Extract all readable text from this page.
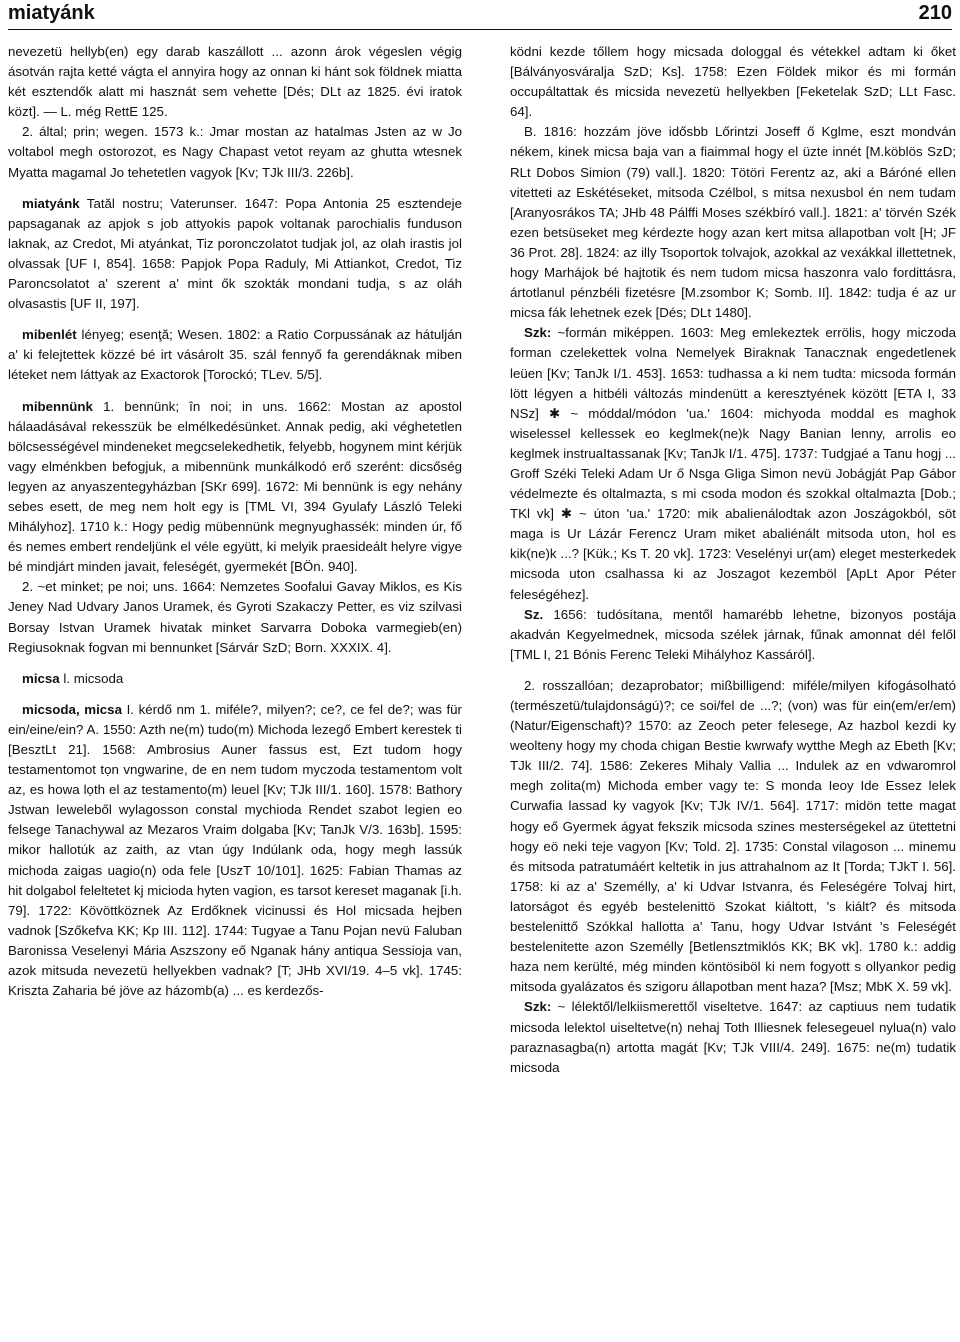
miatyánk	210

nevezetü hellyb(en) egy darab kaszállott ... azonn árok végeslen végig ásotván rajta ketté vágta el annyira hogy az onnan ki hánt sok földnek miatta két esztendők alatt mi hasznát sem vehette [Dés; DLt az 1825. évi iratok közt]. — L. még RettE 125.

2. által; prin; wegen. 1573 k.: Jmar mostan az hatalmas Jsten az w Jo voltabol megh ostorozot, es Nagy Chapast vetot reyam az ghutta wtesnek Myatta magamal Jo tehetetlen vagyok [Kv; TJk III/3. 226b].

miatyánk Tatăl nostru; Vaterunser. 1647: Popa Antonia 25 esztendeje papsaganak az apjok s job attyokis papok voltanak parochialis funduson laknak, az Credot, Mi atyánkat, Tiz poronczolatot tudjak jol, az olah irastis jol olvassak [UF I, 854]. 1658: Papjok Popa Raduly, Mi Attiankot, Credot, Tiz Paroncsolatot a' szerent a' mint ők szokták mondani tudja, s az oláh olvasastis [UF II, 197].

mibenlét lényeg; esenţă; Wesen. 1802: a Ratio Corpussának az hátulján a' ki felejtettek közzé bé irt vásárolt 35. szál fennyő fa gerendáknak miben léteket nem láttyak az Exactorok [Torockó; TLev. 5/5].

mibennünk 1. bennünk; în noi; in uns. 1662: Mostan az apostol hálaadásával rekesszük be elmélkedésünket. Annak pedig, aki véghetetlen bölcsességével mindeneket megcselekedhetik, felyebb, hogynem mint kérjük vagy elménkben befogjuk, a mibennünk munkálkodó erő szerént: dicsőség legyen az anyaszentegyházban [SKr 699]. 1672: Mi bennünk is egy nehány sebes esett, de meg nem holt egy is [TML VI, 394 Gyulafy László Teleki Mihályhoz]. 1710 k.: Hogy pedig mübennünk megnyughassék: minden úr, fő és nemes embert rendeljünk el véle együtt, ki melyik praesideált helyre vigye bé mindjárt minden javait, feleségét, gyermekét [BÖn. 940].

2. ~et minket; pe noi; uns. 1664: Nemzetes Soofalui Gavay Miklos, es Kis Jeney Nad Udvary Janos Uramek, és Gyroti Szakaczy Petter, es viz szilvasi Borsay Istvan Uramek hivatak minket Sarvarra Doboka varmegieb(en) Regiusoknak fogvan mi bennunket [Sárvár SzD; Born. XXXIX. 4].

micsa l. micsoda

micsoda, micsa I. kérdő nm 1. miféle?, milyen?; ce?, ce fel de?; was für ein/eine/ein? A. 1550: Azth ne(m) tudo(m) Michoda lezegő Embert kerestek ti [BesztLt 21]. 1568: Ambrosius Auner fassus est, Ezt tudom hogy testamentomot tọn vngwarine, de en nem tudom myczoda testamentom volt az, es howa lọth el az testamento(m) leuel [Kv; TJk III/1. 160]. 1578: Bathory Jstwan leweleből wylagosson constal mychioda Rendet szabot legien eo felsege Tanachywal az Mezaros Vraim dolgaba [Kv; TanJk V/3. 163b]. 1595: mikor hallotúk az zaith, az vtan úgy Indúlank oda, hogy megh lassúk michoda zaigas uagio(n) oda fele [UszT 10/101]. 1625: Fabian Thamas az hit dolgabol feleltetet kj micioda hyten vagion, es tarsot kereset maganak [i.h. 79]. 1722: Kövöttköznek Az Erdőknek vicinussi és Hol micsada hejben vadnok [Szőkefva KK; Kp III. 112]. 1744: Tugyae a Tanu Pojan nevü Faluban Baronissa Veselenyi Mária Aszszony eő Nganak hány antiqua Sessioja van, azok mitsuda nevezetü hellyekben vadnak? [T; JHb XVI/19. 4–5 vk]. 1745: Kriszta Zaharia bé jöve az házomb(a) ... es kerdezős-

ködni kezde tőllem hogy micsada dologgal és vétekkel adtam ki őket [Bálványosváralja SzD; Ks]. 1758: Ezen Földek mikor és mi formán occupáltattak és micsida nevezetü hellyekben [Feketelak SzD; LLt Fasc. 64].

B. 1816: hozzám jöve idősbb Lőrintzi Joseff ő Kglme, eszt mondván nékem, kinek micsa baja van a fiaimmal hogy el üzte innét [M.köblös SzD; RLt Dobos Simion (79) vall.]. 1820: Tötöri Ferentz az, aki a Báróné ellen vitetteti az Eskétéseket, mitsoda Czélbol, s mitsa nexusbol én nem tudam [Aranyosrákos TA; JHb 48 Pálffi Moses székbíró vall.]. 1821: a' törvén Szék ezen betsüseket meg kérdezte hogy azan kert mitsa allapotban volt [H; JF 36 Prot. 28]. 1824: az illy Tsoportok tolvajok, azokkal az vexákkal illettetnek, hogy Marhájok bé hajtotik és nem tudom micsa haszonra valo fordittásra, ártotlanul pénzbéli fizetésre [M.zsombor K; Somb. II]. 1842: tudja é az ur micsa fák lehetnek ezek [Dés; DLt 1480].

Szk: ~formán miképpen. 1603: Meg emlekeztek errölis, hogy miczoda forman czelekettek volna Nemelyek Biraknak Tanacznak engedetlenek leüen [Kv; TanJk I/1. 453]. 1653: tudhassa a ki nem tudta: micsoda formán lött légyen a hitbéli változás mindenütt a keresztyének között [ETA I, 33 NSz] ✱ ~ móddal/módon 'ua.' 1604: michyoda moddal es maghok wiselessel kellessek eo keglmek(ne)k Nagy Banian lenny, arrolis eo keglmek instruaItassanak [Kv; TanJk I/1. 475]. 1737: Tudgjaé a Tanu hogj ... Groff Széki Teleki Adam Ur ő Nsga Gliga Simon nevü Jobágját Pap Gábor védelmezte és oltalmazta, s mi csoda modon és szokkal oltalmazta [Dob.; TKl vk] ✱ ~ úton 'ua.' 1720: mik abalienálodtak azon Joszágokból, söt maga is Ur Lázár Ferencz Uram miket abaliénált mitsoda uton, hol es kik(ne)k ...? [Kük.; Ks T. 20 vk]. 1723: Veselényi ur(am) eleget mesterkedek micsoda uton csalhassa ki az Joszagot kezemböl [ApLt Apor Péter feleségéhez].

Sz. 1656: tudósítana, mentől hamarébb lehetne, bizonyos postája akadván Kegyelmednek, micsoda szélek járnak, fűnak amonnat dél felől [TML I, 21 Bónis Ferenc Teleki Mihályhoz Kassáról].

2. rosszallóan; dezaprobator; mißbilligend: miféle/milyen kifogásolható (természetü/tulajdonságú)?; ce soi/fel de ...?; (von) was für ein(em/er/em) (Natur/Eigenschaft)? 1570: az Zeoch peter felesege, Az hazbol kezdi ky weolteny hogy my choda chigan Bestie kwrwafy wytthe Megh az Ebeth [Kv; TJk III/2. 74]. 1586: Zekeres Mihaly Vallia ... Indulek az en vdwaromrol megh zolita(m) Michoda ember vagy te: S monda Ieoy Ide Essez lelek Curwafia lassad ky vagyok [Kv; TJk IV/1. 564]. 1717: midön tette magat hogy eő Gyermek ágyat fekszik micsoda szines mesterségekel az ütettetni hogy eö neki teje vagyon [Kv; Told. 2]. 1735: Constal vilagoson ... minemu és mitsoda patratumáért keltetik in jus attrahalnom az It [Torda; TJkT I. 56]. 1758: ki az a' Személly, a' ki Udvar Istvanra, és Feleségére Tolvaj hirt, latorságot és egyéb bestelenittö Szokat kiáltott, 's kiált? és mitsoda bestelenittő Szókkal hallotta a' Tanu, hogy Udvar Istvánt 's Feleségét bestelenitette azon Személly [Betlensztmiklós KK; BK vk]. 1780 k.: addig haza nem kerülté, még minden köntösiböl ki nem fogyott s ollyankor pedig mitsoda gyalázatos és szigoru állapotban ment haza? [Msz; MbK X. 59 vk].

Szk: ~ lélektől/lelkiismerettől viseltetve. 1647: az captiuus nem tudatik micsoda lelektol uiseltetve(n) nehaj Toth Illiesnek felesegeuel nylua(n) valo paraznasagba(n) artotta magát [Kv; TJk VIII/4. 249]. 1675: ne(m) tudatik micsoda
